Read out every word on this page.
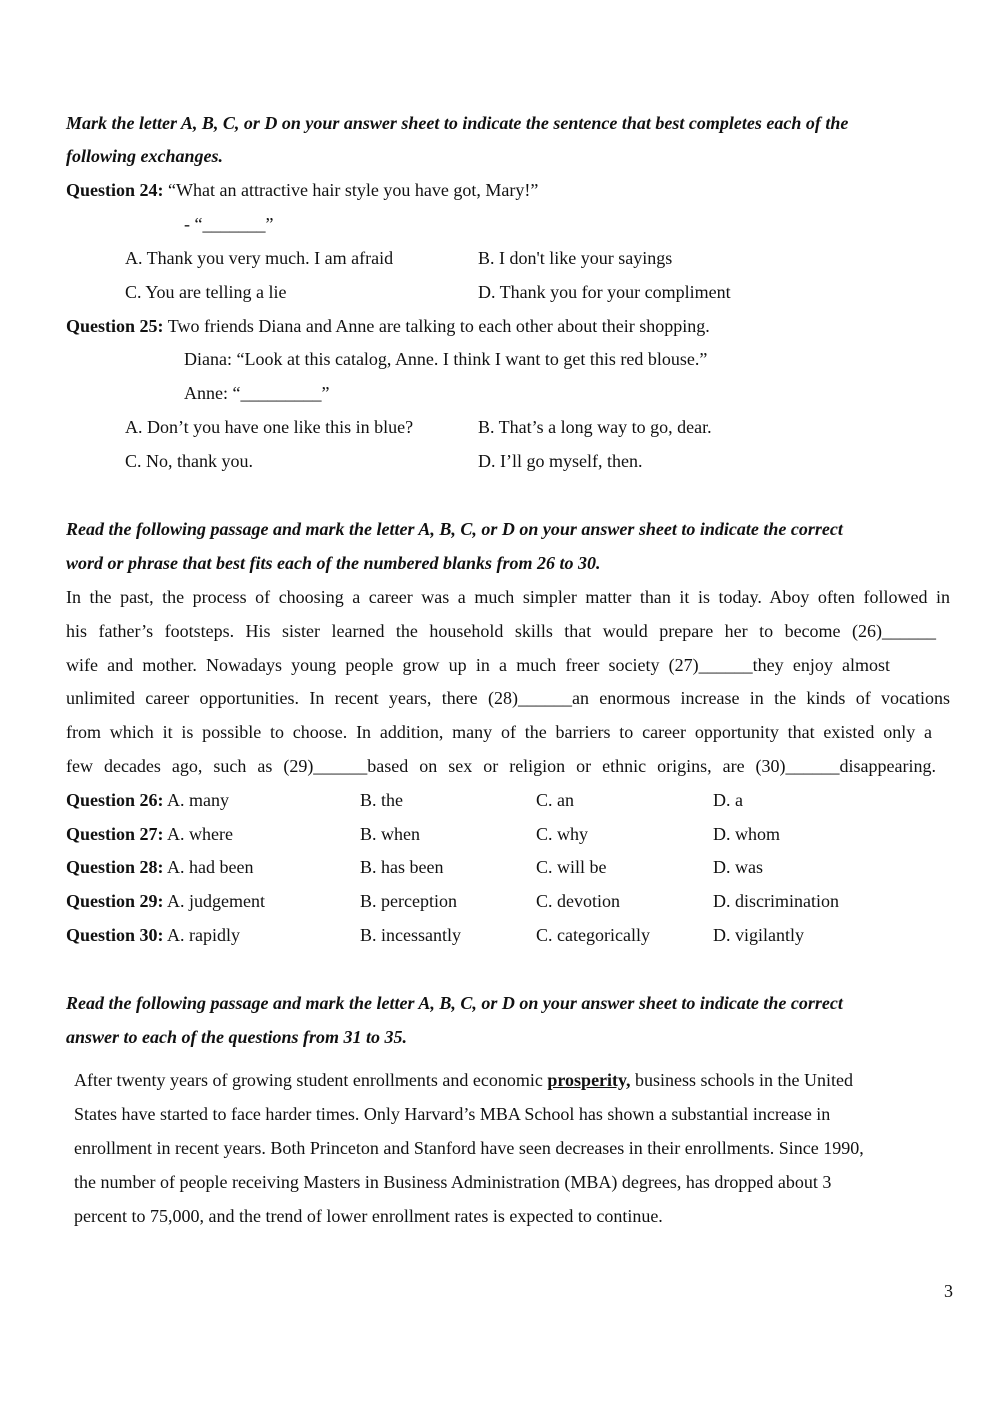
Mark the letter A, B, C, or D on your answer sheet to indicate the sentence that best completes each of the
following exchanges.
Question 24: “What an attractive hair style you have got, Mary!”
- “_______”
A. Thank you very much. I am afraid	B. I don't like your sayings
C. You are telling a lie	D. Thank you for your compliment
Question 25: Two friends Diana and Anne are talking to each other about their shopping.
Diana: “Look at this catalog, Anne. I think I want to get this red blouse.”
Anne: “_________”
A. Don’t you have one like this in blue?	B. That’s a long way to go, dear.
C. No, thank you.	D. I’ll go myself, then.
Read the following passage and mark the letter A, B, C, or D on your answer sheet to indicate the correct
word or phrase that best fits each of the numbered blanks from 26 to 30.
In the past, the process of choosing a career was a much simpler matter than it is today. Aboy often followed in
his father’s footsteps. His sister learned the household skills that would prepare her to become (26)______
wife and mother. Nowadays young people grow up in a much freer society (27)______they enjoy almost
unlimited career opportunities. In recent years, there (28)______an enormous increase in the kinds of vocations
from which it is possible to choose. In addition, many of the barriers to career opportunity that existed only a
few decades ago, such as (29)______based on sex or religion or ethnic origins, are (30)______disappearing.
Question 26: A. many	B. the	C. an	D. a
Question 27: A. where	B. when	C. why	D. whom
Question 28: A. had been	B. has been	C. will be	D. was
Question 29: A. judgement	B. perception	C. devotion	D. discrimination
Question 30: A. rapidly	B. incessantly	C. categorically	D. vigilantly
Read the following passage and mark the letter A, B, C, or D on your answer sheet to indicate the correct
answer to each of the questions from 31 to 35.
After twenty years of growing student enrollments and economic prosperity, business schools in the United
States have started to face harder times. Only Harvard’s MBA School has shown a substantial increase in
enrollment in recent years. Both Princeton and Stanford have seen decreases in their enrollments. Since 1990,
the number of people receiving Masters in Business Administration (MBA) degrees, has dropped about 3
percent to 75,000, and the trend of lower enrollment rates is expected to continue.
3
